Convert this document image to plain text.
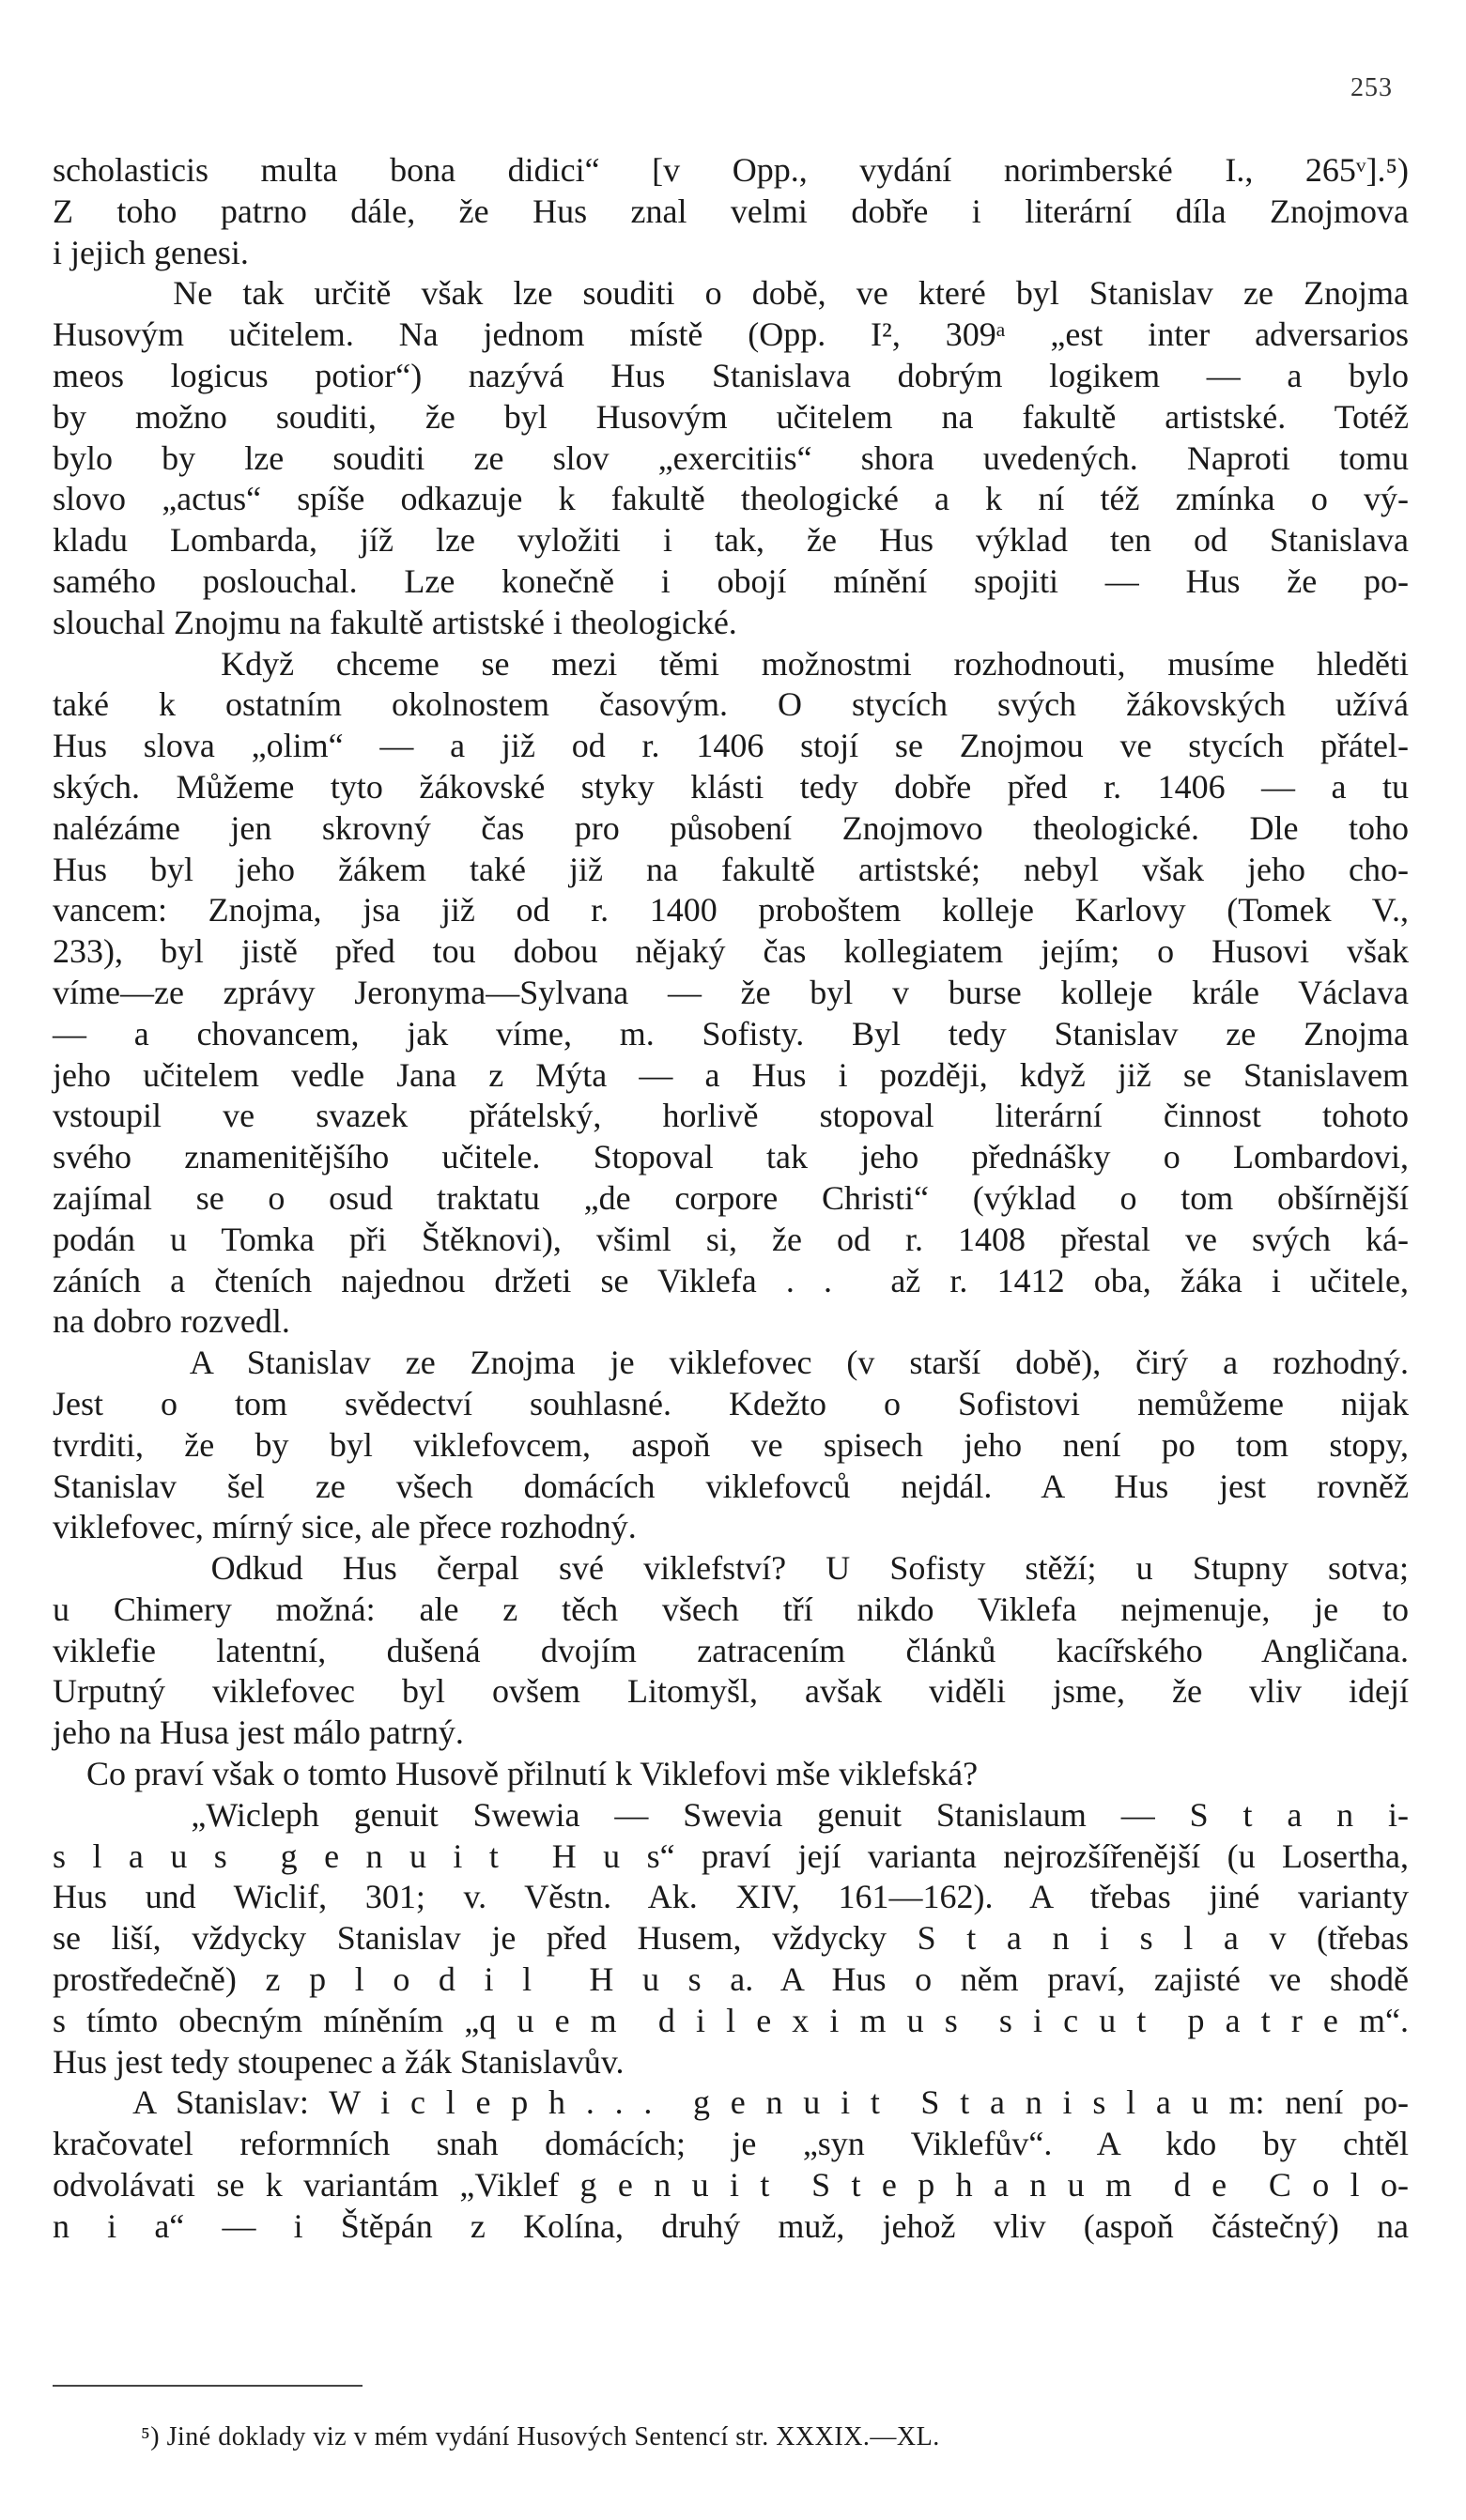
253
scholasticis multa bona didici“ [v Opp., vydání norimberské I., 265ᵛ].⁵)
Z toho patrno dále, že Hus znal velmi dobře i literární díla Znojmova
i jejich genesi.
Ne tak určitě však lze souditi o době, ve které byl Stanislav ze Znojma
Husovým učitelem. Na jednom místě (Opp. I², 309ᵃ „est inter adversarios
meos logicus potior“) nazývá Hus Stanislava dobrým logikem — a bylo
by možno souditi, že byl Husovým učitelem na fakultě artistské. Totéž
bylo by lze souditi ze slov „exercitiis“ shora uvedených. Naproti tomu
slovo „actus“ spíše odkazuje k fakultě theologické a k ní též zmínka o vý-
kladu Lombarda, jíž lze vyložiti i tak, že Hus výklad ten od Stanislava
samého poslouchal. Lze konečně i obojí mínění spojiti — Hus že po-
slouchal Znojmu na fakultě artistské i theologické.
Když chceme se mezi těmi možnostmi rozhodnouti, musíme hleděti
také k ostatním okolnostem časovým. O stycích svých žákovských užívá
Hus slova „olim“ — a již od r. 1406 stojí se Znojmou ve stycích přátel-
ských. Můžeme tyto žákovské styky klásti tedy dobře před r. 1406 — a tu
nalézáme jen skrovný čas pro působení Znojmovo theologické. Dle toho
Hus byl jeho žákem také již na fakultě artistské; nebyl však jeho cho-
vancem: Znojma, jsa již od r. 1400 proboštem kolleje Karlovy (Tomek V.,
233), byl jistě před tou dobou nějaký čas kollegiatem jejím; o Husovi však
víme—ze zprávy Jeronyma—Sylvana — že byl v burse kolleje krále Václava
— a chovancem, jak víme, m. Sofisty. Byl tedy Stanislav ze Znojma
jeho učitelem vedle Jana z Mýta — a Hus i později, když již se Stanislavem
vstoupil ve svazek přátelský, horlivě stopoval literární činnost tohoto
svého znamenitějšího učitele. Stopoval tak jeho přednášky o Lombardovi,
zajímal se o osud traktatu „de corpore Christi“ (výklad o tom obšírnější
podán u Tomka při Štěknovi), všiml si, že od r. 1408 přestal ve svých ká-
záních a čteních najednou držeti se Viklefa . .  až r. 1412 oba, žáka i učitele,
na dobro rozvedl.
A Stanislav ze Znojma je viklefovec (v starší době), čirý a rozhodný.
Jest o tom svědectví souhlasné. Kdežto o Sofistovi nemůžeme nijak
tvrditi, že by byl viklefovcem, aspoň ve spisech jeho není po tom stopy,
Stanislav šel ze všech domácích viklefovců nejdál. A Hus jest rovněž
viklefovec, mírný sice, ale přece rozhodný.
Odkud Hus čerpal své viklefství? U Sofisty stěží; u Stupny sotva;
u Chimery možná: ale z těch všech tří nikdo Viklefa nejmenuje, je to
viklefie latentní, dušená dvojím zatracením článků kacířského Angličana.
Urputný viklefovec byl ovšem Litomyšl, avšak viděli jsme, že vliv idejí
jeho na Husa jest málo patrný.
Co praví však o tomto Husově přilnutí k Viklefovi mše viklefská?
„Wicleph genuit Swewia — Swevia genuit Stanislaum — S t a n i-
s l a u s  g e n u i t  H u s“ praví její varianta nejrozšířenější (u Losertha,
Hus und Wiclif, 301; v. Věstn. Ak. XIV, 161—162). A třebas jiné varianty
se liší, vždycky Stanislav je před Husem, vždycky S t a n i s l a v (třebas
prostředečně) z p l o d i l  H u s a. A Hus o něm praví, zajisté ve shodě
s tímto obecným míněním „q u e m  d i l e x i m u s  s i c u t  p a t r e m“.
Hus jest tedy stoupenec a žák Stanislavův.
A Stanislav: W i c l e p h . . .  g e n u i t  S t a n i s l a u m: není po-
kračovatel reformních snah domácích; je „syn Viklefův“. A kdo by chtěl
odvolávati se k variantám „Viklef g e n u i t  S t e p h a n u m  d e  C o l o-
n i a“ — i Štěpán z Kolína, druhý muž, jehož vliv (aspoň částečný) na
⁵) Jiné doklady viz v mém vydání Husových Sentencí str. XXXIX.—XL.
